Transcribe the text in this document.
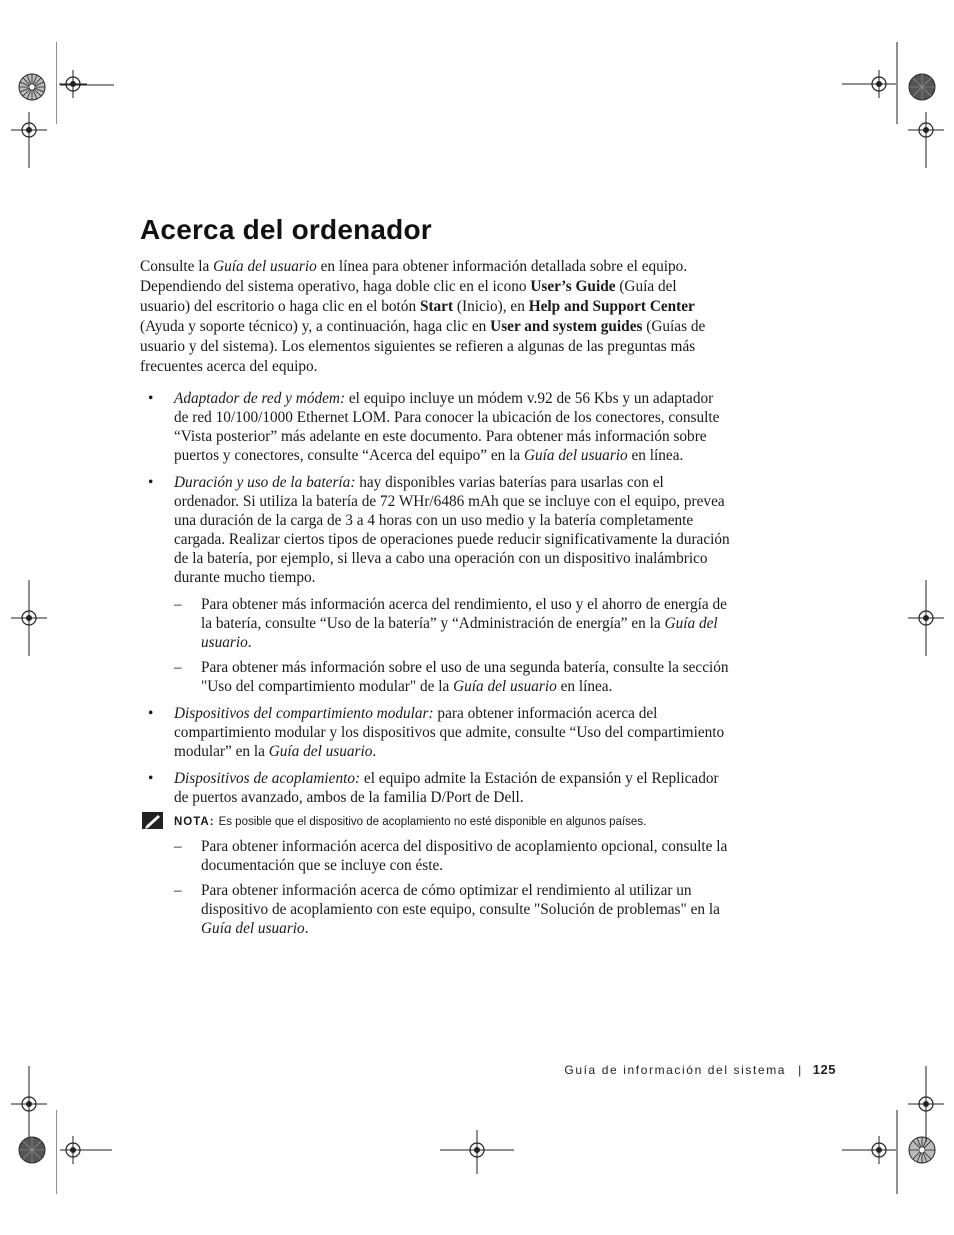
Acerca del ordenador

Consulte la Guía del usuario en línea para obtener información detallada sobre el equipo. Dependiendo del sistema operativo, haga doble clic en el icono User’s Guide (Guía del usuario) del escritorio o haga clic en el botón Start (Inicio), en Help and Support Center (Ayuda y soporte técnico) y, a continuación, haga clic en User and system guides (Guías de usuario y del sistema). Los elementos siguientes se refieren a algunas de las preguntas más frecuentes acerca del equipo.

• Adaptador de red y módem: el equipo incluye un módem v.92 de 56 Kbs y un adaptador de red 10/100/1000 Ethernet LOM. Para conocer la ubicación de los conectores, consulte “Vista posterior” más adelante en este documento. Para obtener más información sobre puertos y conectores, consulte “Acerca del equipo” en la Guía del usuario en línea.
• Duración y uso de la batería: hay disponibles varias baterías para usarlas con el ordenador. Si utiliza la batería de 72 WHr/6486 mAh que se incluye con el equipo, prevea una duración de la carga de 3 a 4 horas con un uso medio y la batería completamente cargada. Realizar ciertos tipos de operaciones puede reducir significativamente la duración de la batería, por ejemplo, si lleva a cabo una operación con un dispositivo inalámbrico durante mucho tiempo.
– Para obtener más información acerca del rendimiento, el uso y el ahorro de energía de la batería, consulte “Uso de la batería” y “Administración de energía” en la Guía del usuario.
– Para obtener más información sobre el uso de una segunda batería, consulte la sección "Uso del compartimiento modular" de la Guía del usuario en línea.
• Dispositivos del compartimiento modular: para obtener información acerca del compartimiento modular y los dispositivos que admite, consulte “Uso del compartimiento modular” en la Guía del usuario.
• Dispositivos de acoplamiento: el equipo admite la Estación de expansión y el Replicador de puertos avanzado, ambos de la familia D/Port de Dell.
NOTA: Es posible que el dispositivo de acoplamiento no esté disponible en algunos países.
– Para obtener información acerca del dispositivo de acoplamiento opcional, consulte la documentación que se incluye con éste.
– Para obtener información acerca de cómo optimizar el rendimiento al utilizar un dispositivo de acoplamiento con este equipo, consulte "Solución de problemas" en la Guía del usuario.
Guía de información del sistema | 125
